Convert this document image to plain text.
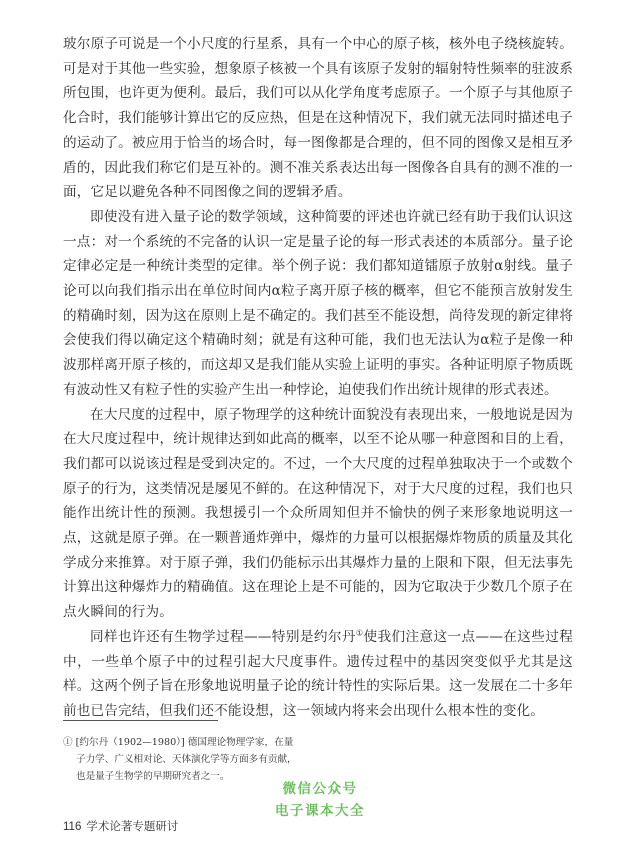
玻尔原子可说是一个小尺度的行星系，具有一个中心的原子核，核外电子绕核旋转。可是对于其他一些实验，想象原子核被一个具有该原子发射的辐射特性频率的驻波系所包围，也许更为便利。最后，我们可以从化学角度考虑原子。一个原子与其他原子化合时，我们能够计算出它的反应热，但是在这种情况下，我们就无法同时描述电子的运动了。被应用于恰当的场合时，每一图像都是合理的，但不同的图像又是相互矛盾的，因此我们称它们是互补的。测不准关系表达出每一图像各自具有的测不准的一面，它足以避免各种不同图像之间的逻辑矛盾。

即使没有进入量子论的数学领域，这种简要的评述也许就已经有助于我们认识这一点：对一个系统的不完备的认识一定是量子论的每一形式表述的本质部分。量子论定律必定是一种统计类型的定律。举个例子说：我们都知道镭原子放射α射线。量子论可以向我们指示出在单位时间内α粒子离开原子核的概率，但它不能预言放射发生的精确时刻，因为这在原则上是不确定的。我们甚至不能设想，尚待发现的新定律将会使我们得以确定这个精确时刻；就是有这种可能，我们也无法认为α粒子是像一种波那样离开原子核的，而这却又是我们能从实验上证明的事实。各种证明原子物质既有波动性又有粒子性的实验产生出一种悖论，迫使我们作出统计规律的形式表述。

在大尺度的过程中，原子物理学的这种统计面貌没有表现出来，一般地说是因为在大尺度过程中，统计规律达到如此高的概率，以至不论从哪一种意图和目的上看，我们都可以说该过程是受到决定的。不过，一个大尺度的过程单独取决于一个或数个原子的行为，这类情况是屡见不鲜的。在这种情况下，对于大尺度的过程，我们也只能作出统计性的预测。我想援引一个众所周知但并不愉快的例子来形象地说明这一点，这就是原子弹。在一颗普通炸弹中，爆炸的力量可以根据爆炸物质的质量及其化学成分来推算。对于原子弹，我们仍能标示出其爆炸力量的上限和下限，但无法事先计算出这种爆炸力的精确值。这在理论上是不可能的，因为它取决于少数几个原子在点火瞬间的行为。

同样也许还有生物学过程——特别是约尔丹①使我们注意这一点——在这些过程中，一些单个原子中的过程引起大尺度事件。遗传过程中的基因突变似乎尤其是这样。这两个例子旨在形象地说明量子论的统计特性的实际后果。这一发展在二十多年前也已告完结，但我们还不能设想，这一领域内将来会出现什么根本性的变化。

① [约尔丹（1902—1980）] 德国理论物理学家，在量
子力学、广义相对论、天体演化学等方面多有贡献，
也是量子生物学的早期研究者之一。
116 学术论著专题研讨
微信公众号
电子课本大全
